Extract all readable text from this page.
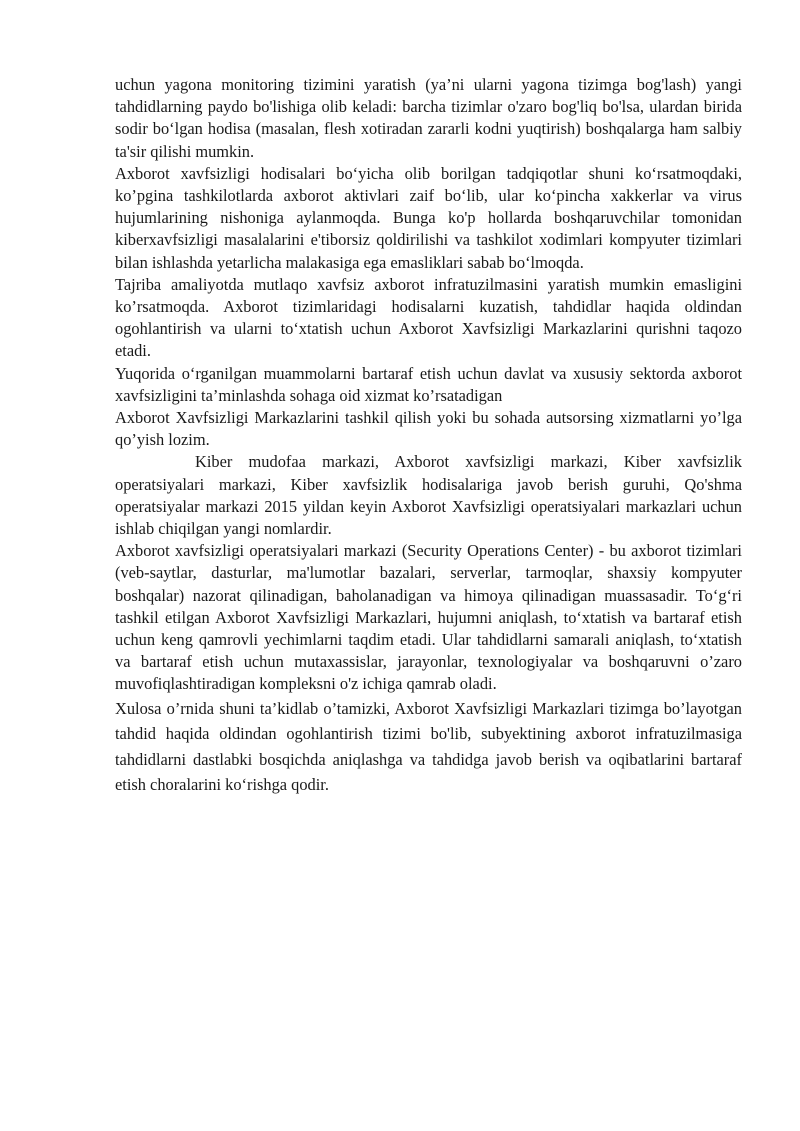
uchun yagona monitoring tizimini yaratish (ya’ni ularni yagona tizimga bog'lash) yangi tahdidlarning paydo bo'lishiga olib keladi: barcha tizimlar o'zaro bog'liq bo'lsa, ulardan birida sodir bo‘lgan hodisa (masalan, flesh xotiradan zararli kodni yuqtirish) boshqalarga ham salbiy ta'sir qilishi mumkin.

Axborot xavfsizligi hodisalari bo‘yicha olib borilgan tadqiqotlar shuni ko‘rsatmoqdaki, ko’pgina tashkilotlarda axborot aktivlari zaif bo‘lib, ular ko‘pincha xakkerlar va virus hujumlarining nishoniga aylanmoqda. Bunga ko'p hollarda boshqaruvchilar tomonidan kiberxavfsizligi masalalarini e'tiborsiz qoldirilishi va tashkilot xodimlari kompyuter tizimlari bilan ishlashda yetarlicha malakasiga ega emasliklari sabab bo‘lmoqda.

Tajriba amaliyotda mutlaqo xavfsiz axborot infratuzilmasini yaratish mumkin emasligini ko’rsatmoqda. Axborot tizimlaridagi hodisalarni kuzatish, tahdidlar haqida oldindan ogohlantirish va ularni to‘xtatish uchun Axborot Xavfsizligi Markazlarini qurishni taqozo etadi.

Yuqorida o‘rganilgan muammolarni bartaraf etish uchun davlat va xususiy sektorda axborot xavfsizligini ta’minlashda sohaga oid xizmat ko’rsatadigan

Axborot Xavfsizligi Markazlarini tashkil qilish yoki bu sohada autsorsing xizmatlarni yo’lga qo’yish lozim.

Kiber mudofaa markazi, Axborot xavfsizligi markazi, Kiber xavfsizlik operatsiyalari markazi, Kiber xavfsizlik hodisalariga javob berish guruhi, Qo'shma operatsiyalar markazi 2015 yildan keyin Axborot Xavfsizligi operatsiyalari markazlari uchun ishlab chiqilgan yangi nomlardir.

Axborot xavfsizligi operatsiyalari markazi (Security Operations Center) - bu axborot tizimlari (veb-saytlar, dasturlar, ma'lumotlar bazalari, serverlar, tarmoqlar, shaxsiy kompyuter boshqalar) nazorat qilinadigan, baholanadigan va himoya qilinadigan muassasadir. To‘g‘ri tashkil etilgan Axborot Xavfsizligi Markazlari, hujumni aniqlash, to‘xtatish va bartaraf etish uchun keng qamrovli yechimlarni taqdim etadi. Ular tahdidlarni samarali aniqlash, to‘xtatish va bartaraf etish uchun mutaxassislar, jarayonlar, texnologiyalar va boshqaruvni o’zaro muvofiqlashtiradigan kompleksni o'z ichiga qamrab oladi.

Xulosa o’rnida shuni ta’kidlab o’tamizki, Axborot Xavfsizligi Markazlari tizimga bo’layotgan tahdid haqida oldindan ogohlantirish tizimi bo'lib, subyektining axborot infratuzilmasiga tahdidlarni dastlabki bosqichda aniqlashga va tahdidga javob berish va oqibatlarini bartaraf etish choralarini ko‘rishga qodir.
